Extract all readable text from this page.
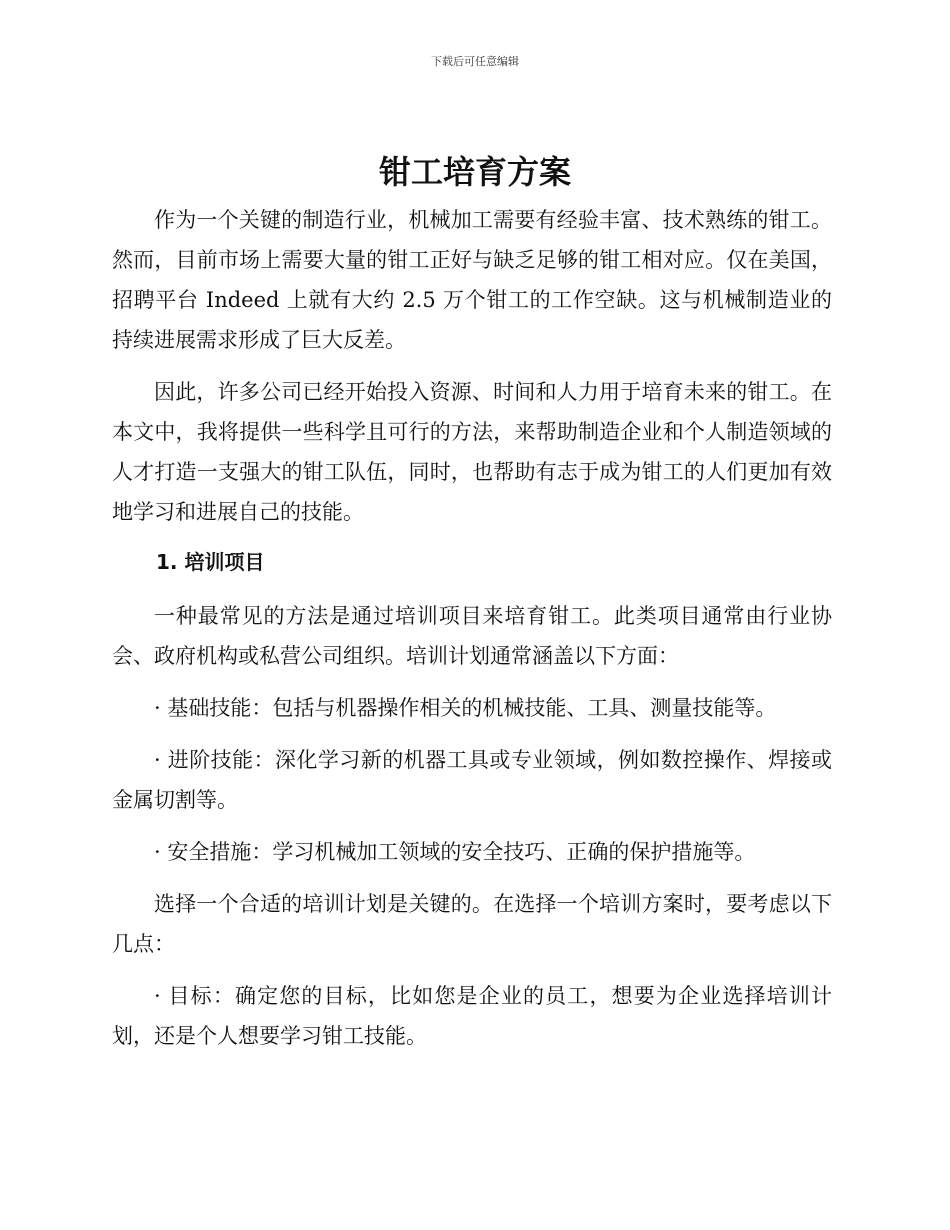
下载后可任意编辑
钳工培育方案

作为一个关键的制造行业，机械加工需要有经验丰富、技术熟练的钳工。然而，目前市场上需要大量的钳工正好与缺乏足够的钳工相对应。仅在美国，招聘平台 Indeed 上就有大约 2.5 万个钳工的工作空缺。这与机械制造业的持续进展需求形成了巨大反差。

因此，许多公司已经开始投入资源、时间和人力用于培育未来的钳工。在本文中，我将提供一些科学且可行的方法，来帮助制造企业和个人制造领域的人才打造一支强大的钳工队伍，同时，也帮助有志于成为钳工的人们更加有效地学习和进展自己的技能。

1. 培训项目

一种最常见的方法是通过培训项目来培育钳工。此类项目通常由行业协会、政府机构或私营公司组织。培训计划通常涵盖以下方面：

· 基础技能：包括与机器操作相关的机械技能、工具、测量技能等。

· 进阶技能：深化学习新的机器工具或专业领域，例如数控操作、焊接或金属切割等。

· 安全措施：学习机械加工领域的安全技巧、正确的保护措施等。

选择一个合适的培训计划是关键的。在选择一个培训方案时，要考虑以下几点：

· 目标：确定您的目标，比如您是企业的员工，想要为企业选择培训计划，还是个人想要学习钳工技能。
